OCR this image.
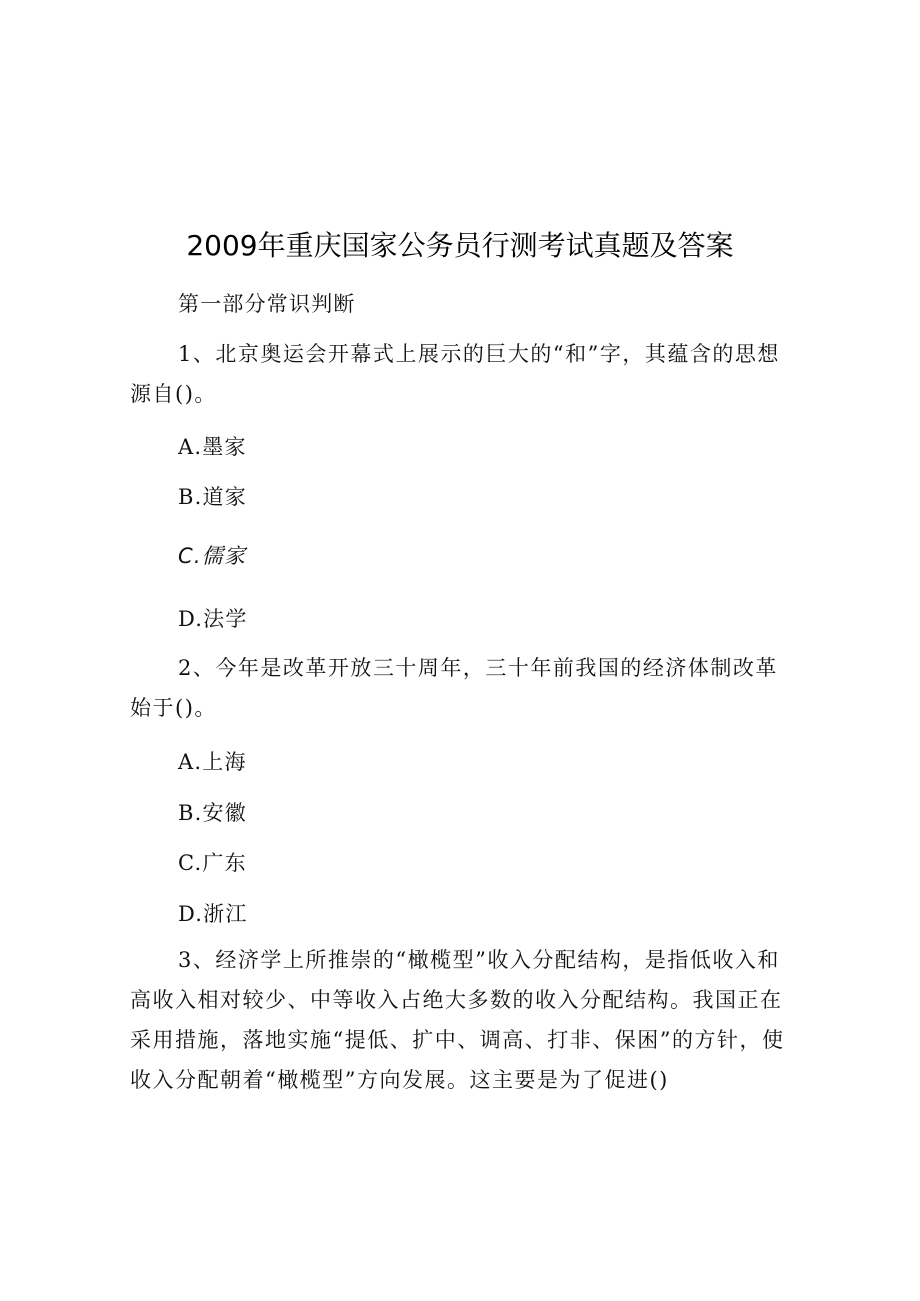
2009年重庆国家公务员行测考试真题及答案
第一部分常识判断
1、北京奥运会开幕式上展示的巨大的“和”字，其蕴含的思想源自()。
A.墨家
B.道家
C.儒家
D.法学
2、今年是改革开放三十周年，三十年前我国的经济体制改革始于()。
A.上海
B.安徽
C.广东
D.浙江
3、经济学上所推崇的“橄榄型”收入分配结构，是指低收入和高收入相对较少、中等收入占绝大多数的收入分配结构。我国正在采用措施，落地实施“提低、扩中、调高、打非、保困”的方针，使收入分配朝着“橄榄型”方向发展。这主要是为了促进()
